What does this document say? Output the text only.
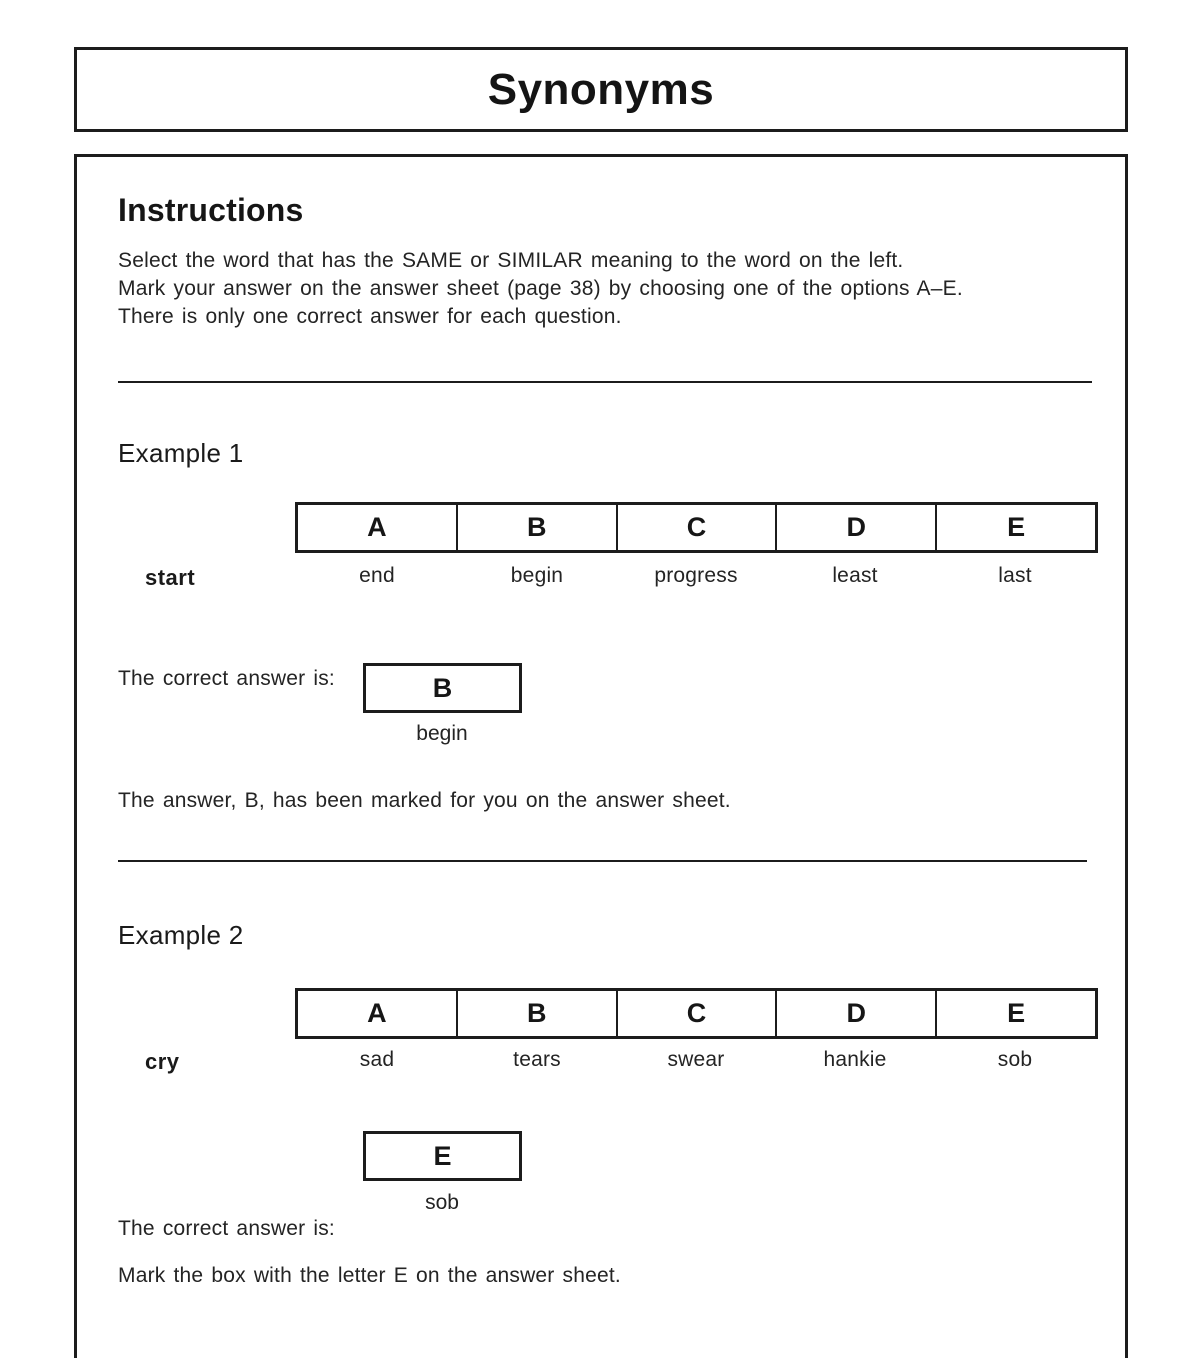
Synonyms
Instructions
Select the word that has the SAME or SIMILAR meaning to the word on the left.
Mark your answer on the answer sheet (page 38) by choosing one of the options A–E.
There is only one correct answer for each question.
Example 1
A	B	C	D	E
start	end	begin	progress	least	last
The correct answer is:	B
begin
The answer, B, has been marked for you on the answer sheet.
Example 2
A	B	C	D	E
cry	sad	tears	swear	hankie	sob
E
sob
The correct answer is:
Mark the box with the letter E on the answer sheet.
